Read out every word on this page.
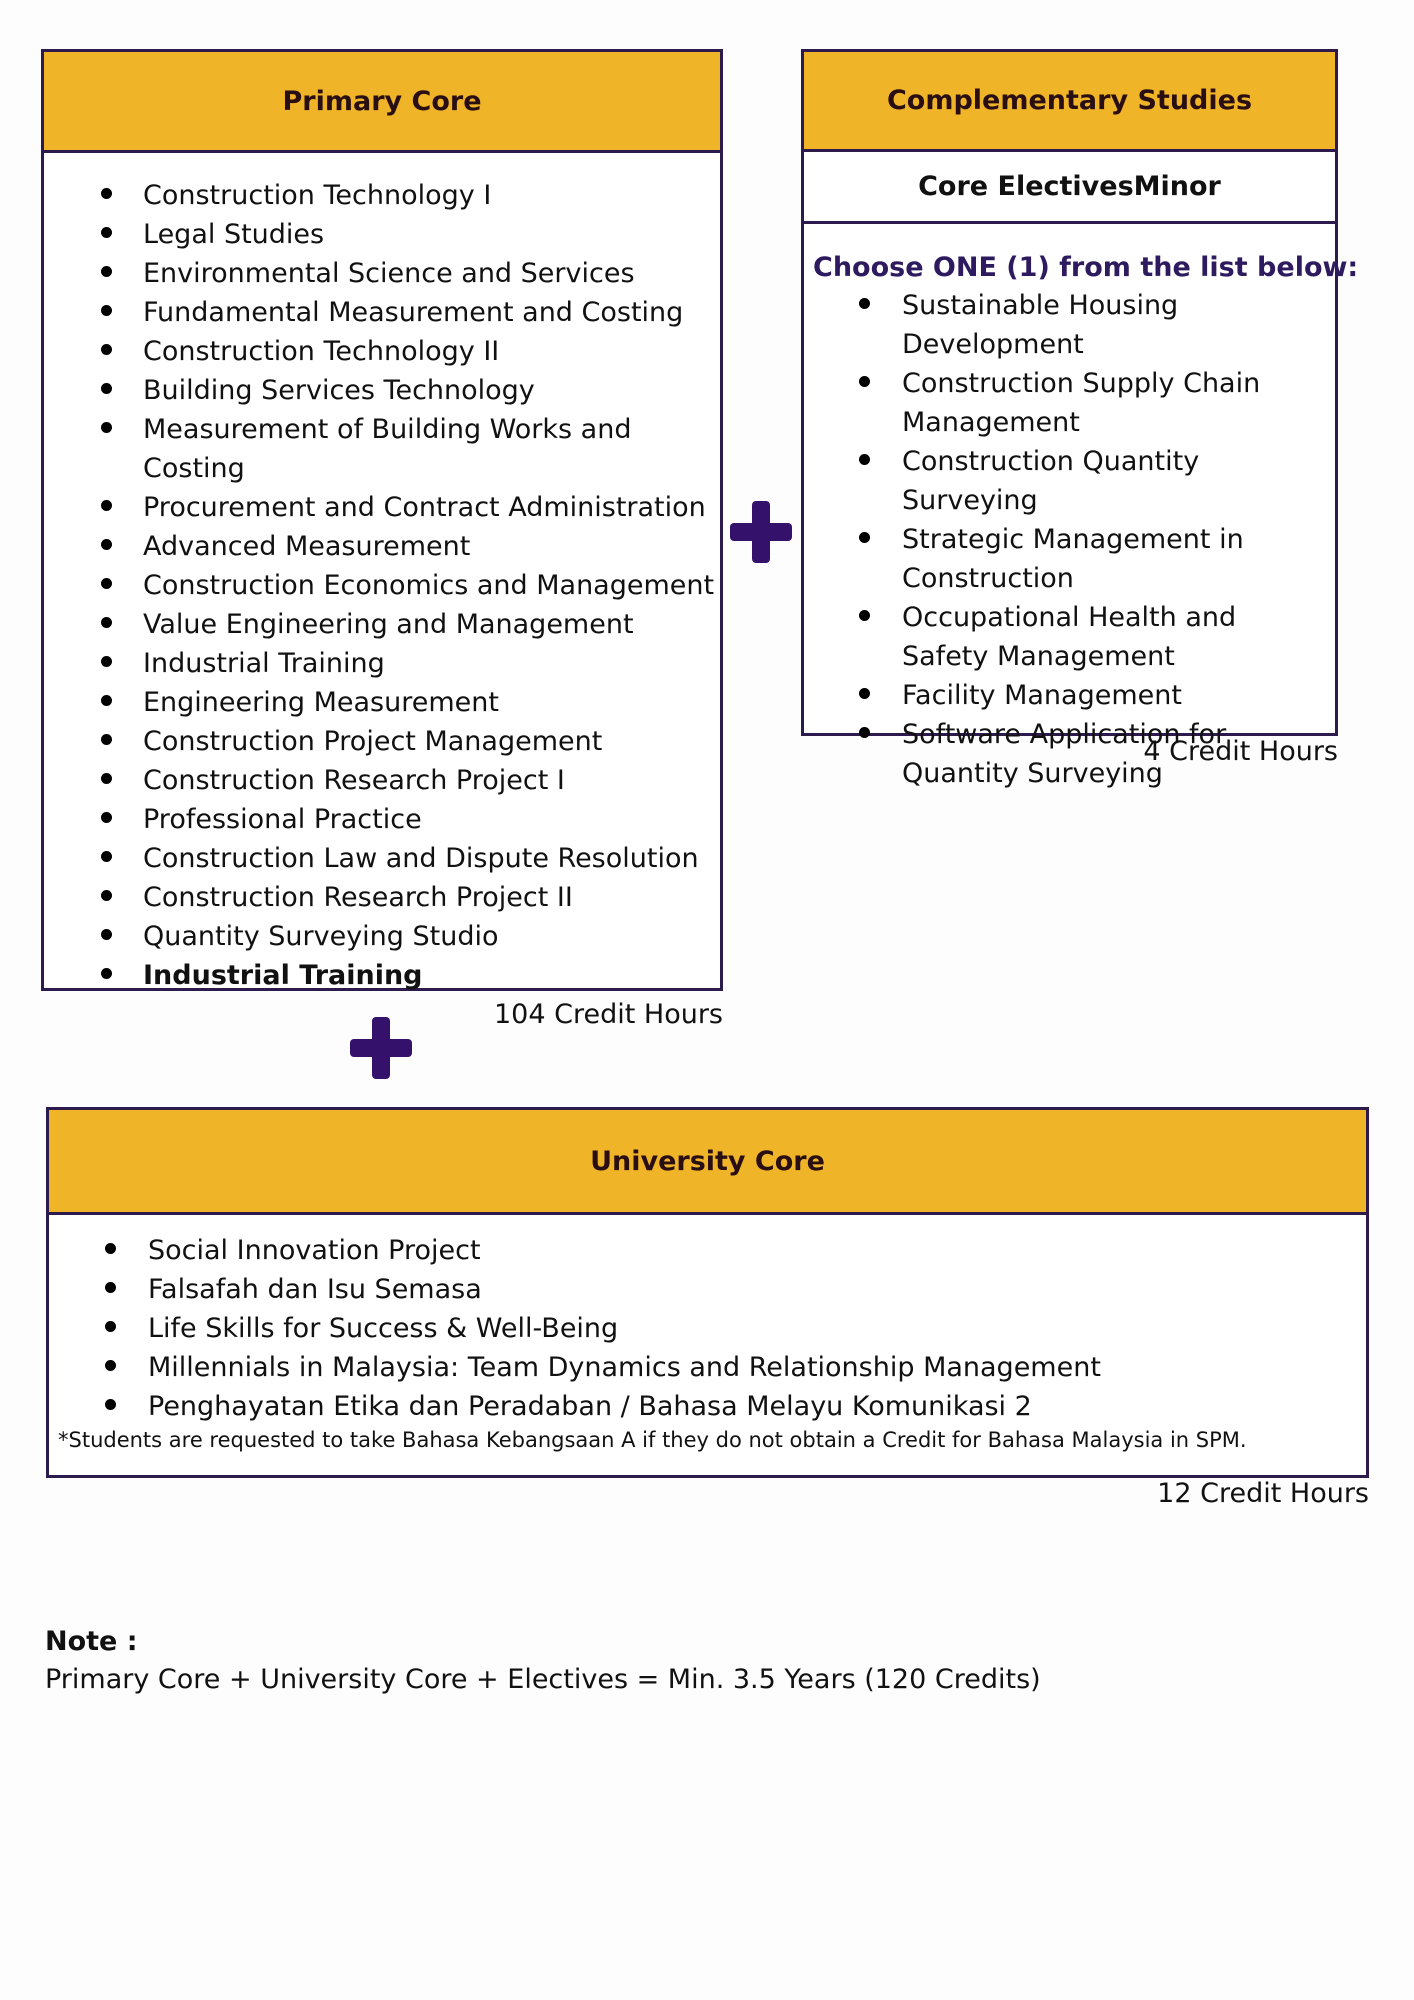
Primary Core
Construction Technology I
Legal Studies
Environmental Science and Services
Fundamental Measurement and Costing
Construction Technology II
Building Services Technology
Measurement of Building Works and Costing
Procurement and Contract Administration
Advanced Measurement
Construction Economics and Management
Value Engineering and Management
Industrial Training
Engineering Measurement
Construction Project Management
Construction Research Project I
Professional Practice
Construction Law and Dispute Resolution
Construction Research Project II
Quantity Surveying Studio
Industrial Training
104 Credit Hours
Complementary Studies
Core ElectivesMinor
Choose ONE (1) from the list below:
Sustainable Housing Development
Construction Supply Chain Management
Construction Quantity Surveying
Strategic Management in Construction
Occupational Health and Safety Management
Facility Management
Software Application for Quantity Surveying
4 Credit Hours
University Core
Social Innovation Project
Falsafah dan Isu Semasa
Life Skills for Success & Well-Being
Millennials in Malaysia: Team Dynamics and Relationship Management
Penghayatan Etika dan Peradaban / Bahasa Melayu Komunikasi 2
*Students are requested to take Bahasa Kebangsaan A if they do not obtain a Credit for Bahasa Malaysia in SPM.
12 Credit Hours
Note :
Primary Core + University Core + Electives = Min. 3.5 Years (120 Credits)
